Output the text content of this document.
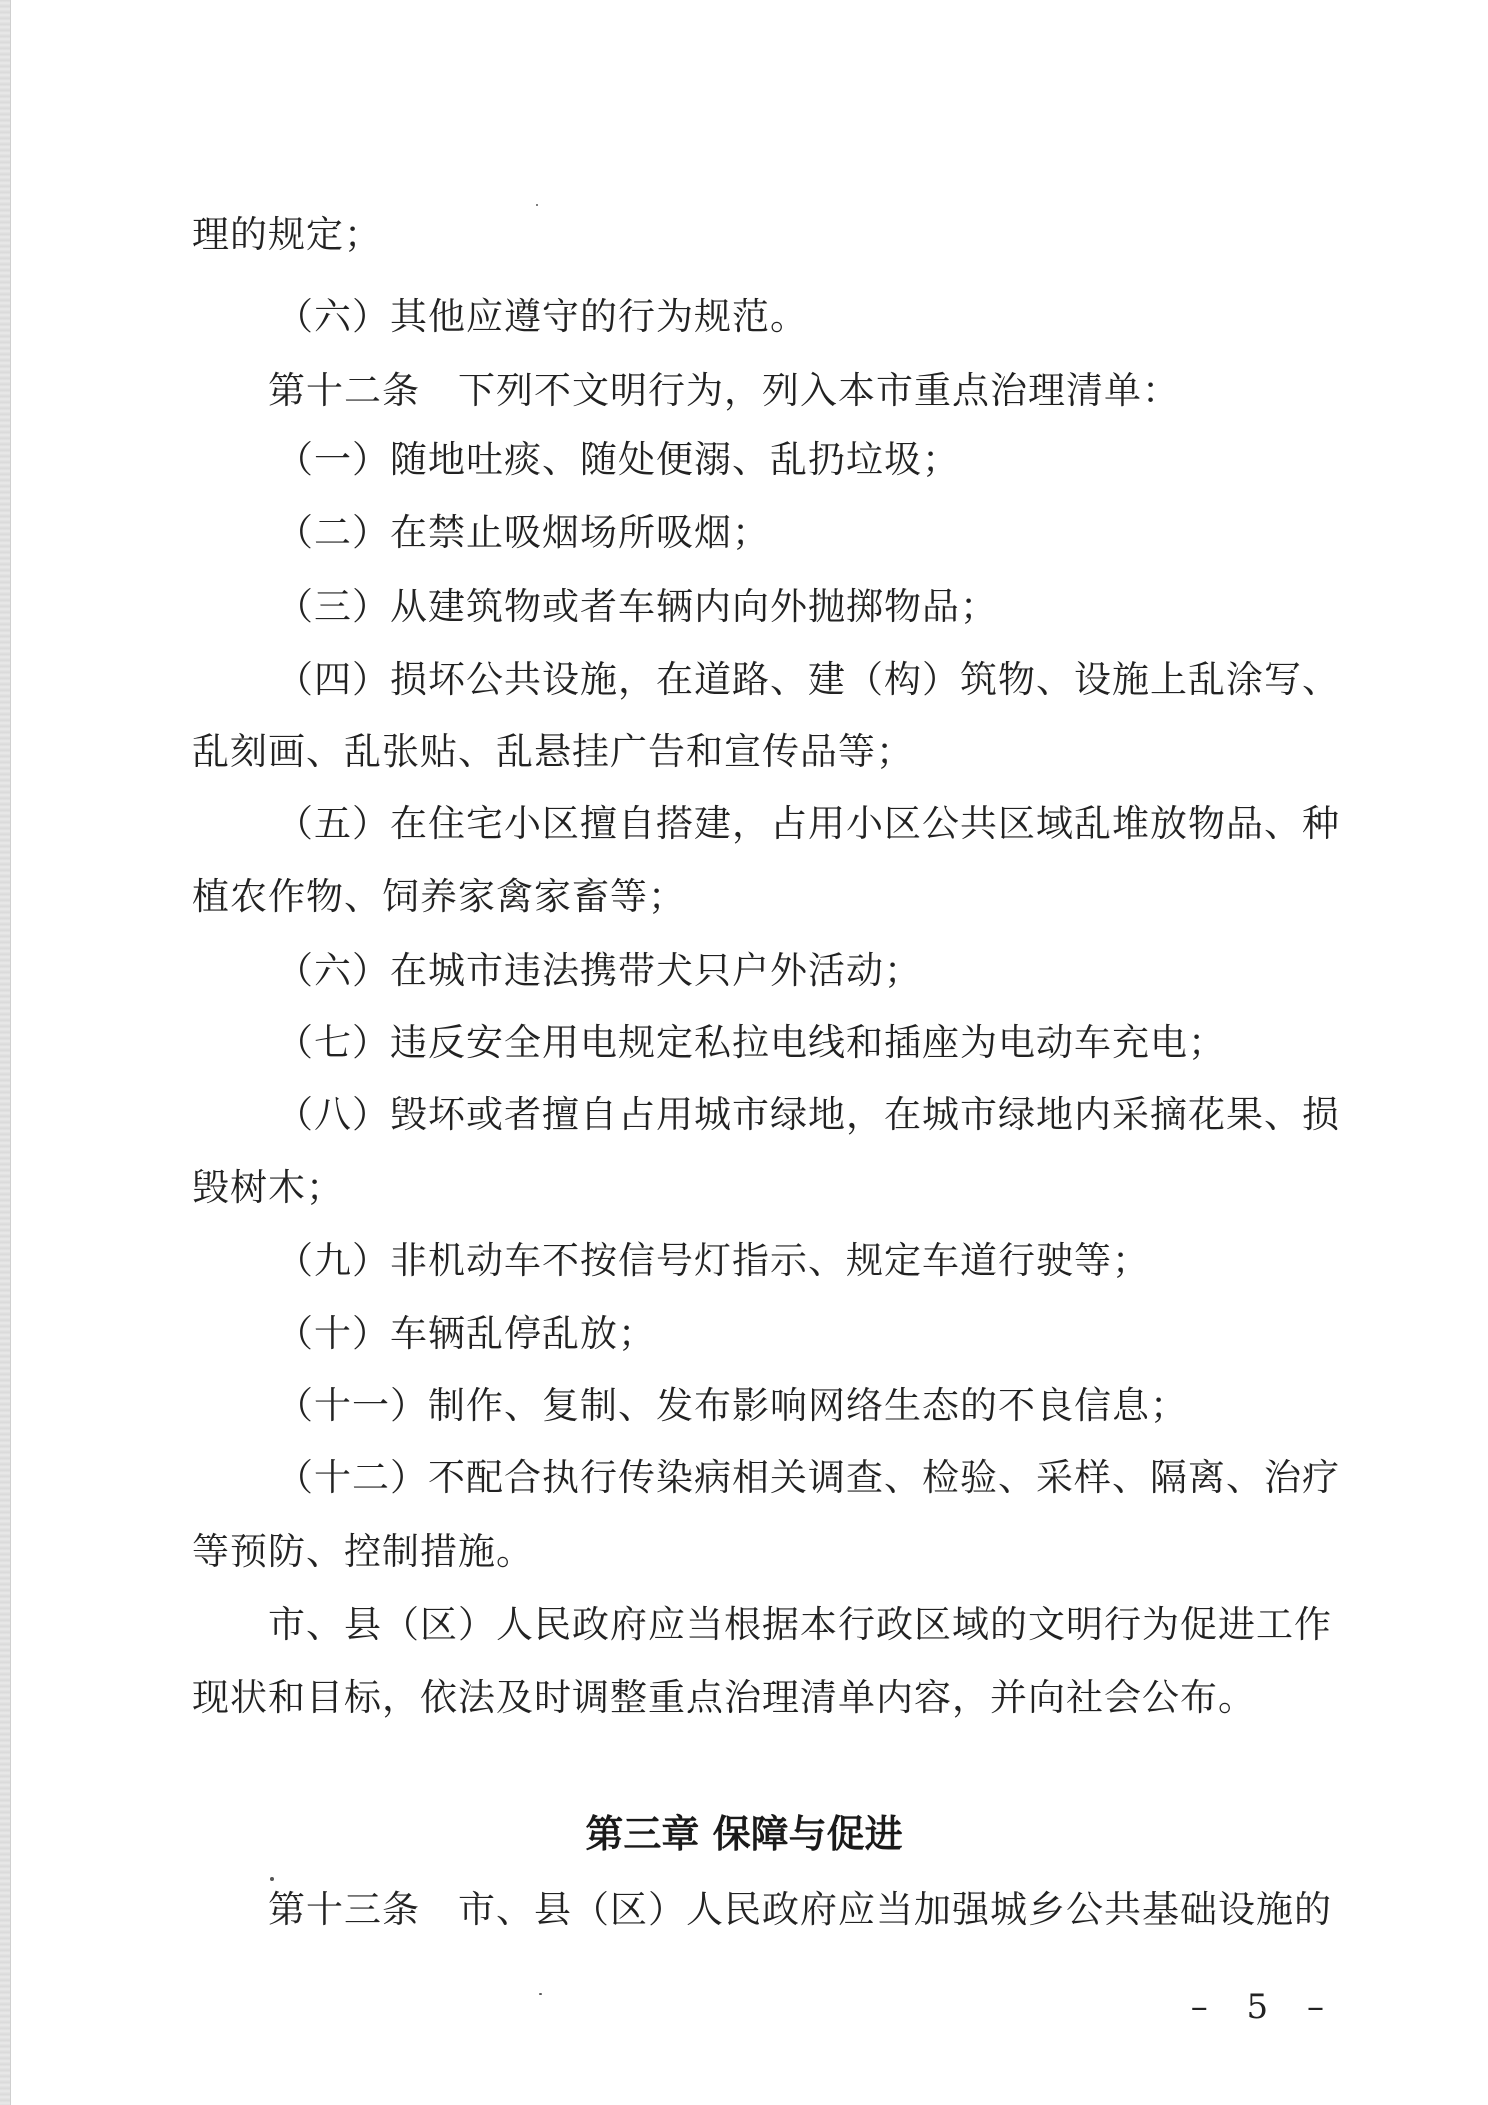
理的规定；

（六）其他应遵守的行为规范。

第十二条　下列不文明行为，列入本市重点治理清单：

（一）随地吐痰、随处便溺、乱扔垃圾；

（二）在禁止吸烟场所吸烟；

（三）从建筑物或者车辆内向外抛掷物品；

（四）损坏公共设施，在道路、建（构）筑物、设施上乱涂写、

乱刻画、乱张贴、乱悬挂广告和宣传品等；

（五）在住宅小区擅自搭建，占用小区公共区域乱堆放物品、种

植农作物、饲养家禽家畜等；

（六）在城市违法携带犬只户外活动；

（七）违反安全用电规定私拉电线和插座为电动车充电；

（八）毁坏或者擅自占用城市绿地，在城市绿地内采摘花果、损

毁树木；

（九）非机动车不按信号灯指示、规定车道行驶等；

（十）车辆乱停乱放；

（十一）制作、复制、发布影响网络生态的不良信息；

（十二）不配合执行传染病相关调查、检验、采样、隔离、治疗

等预防、控制措施。

市、县（区）人民政府应当根据本行政区域的文明行为促进工作

现状和目标，依法及时调整重点治理清单内容，并向社会公布。

第三章 保障与促进

第十三条　市、县（区）人民政府应当加强城乡公共基础设施的

– 5 –
